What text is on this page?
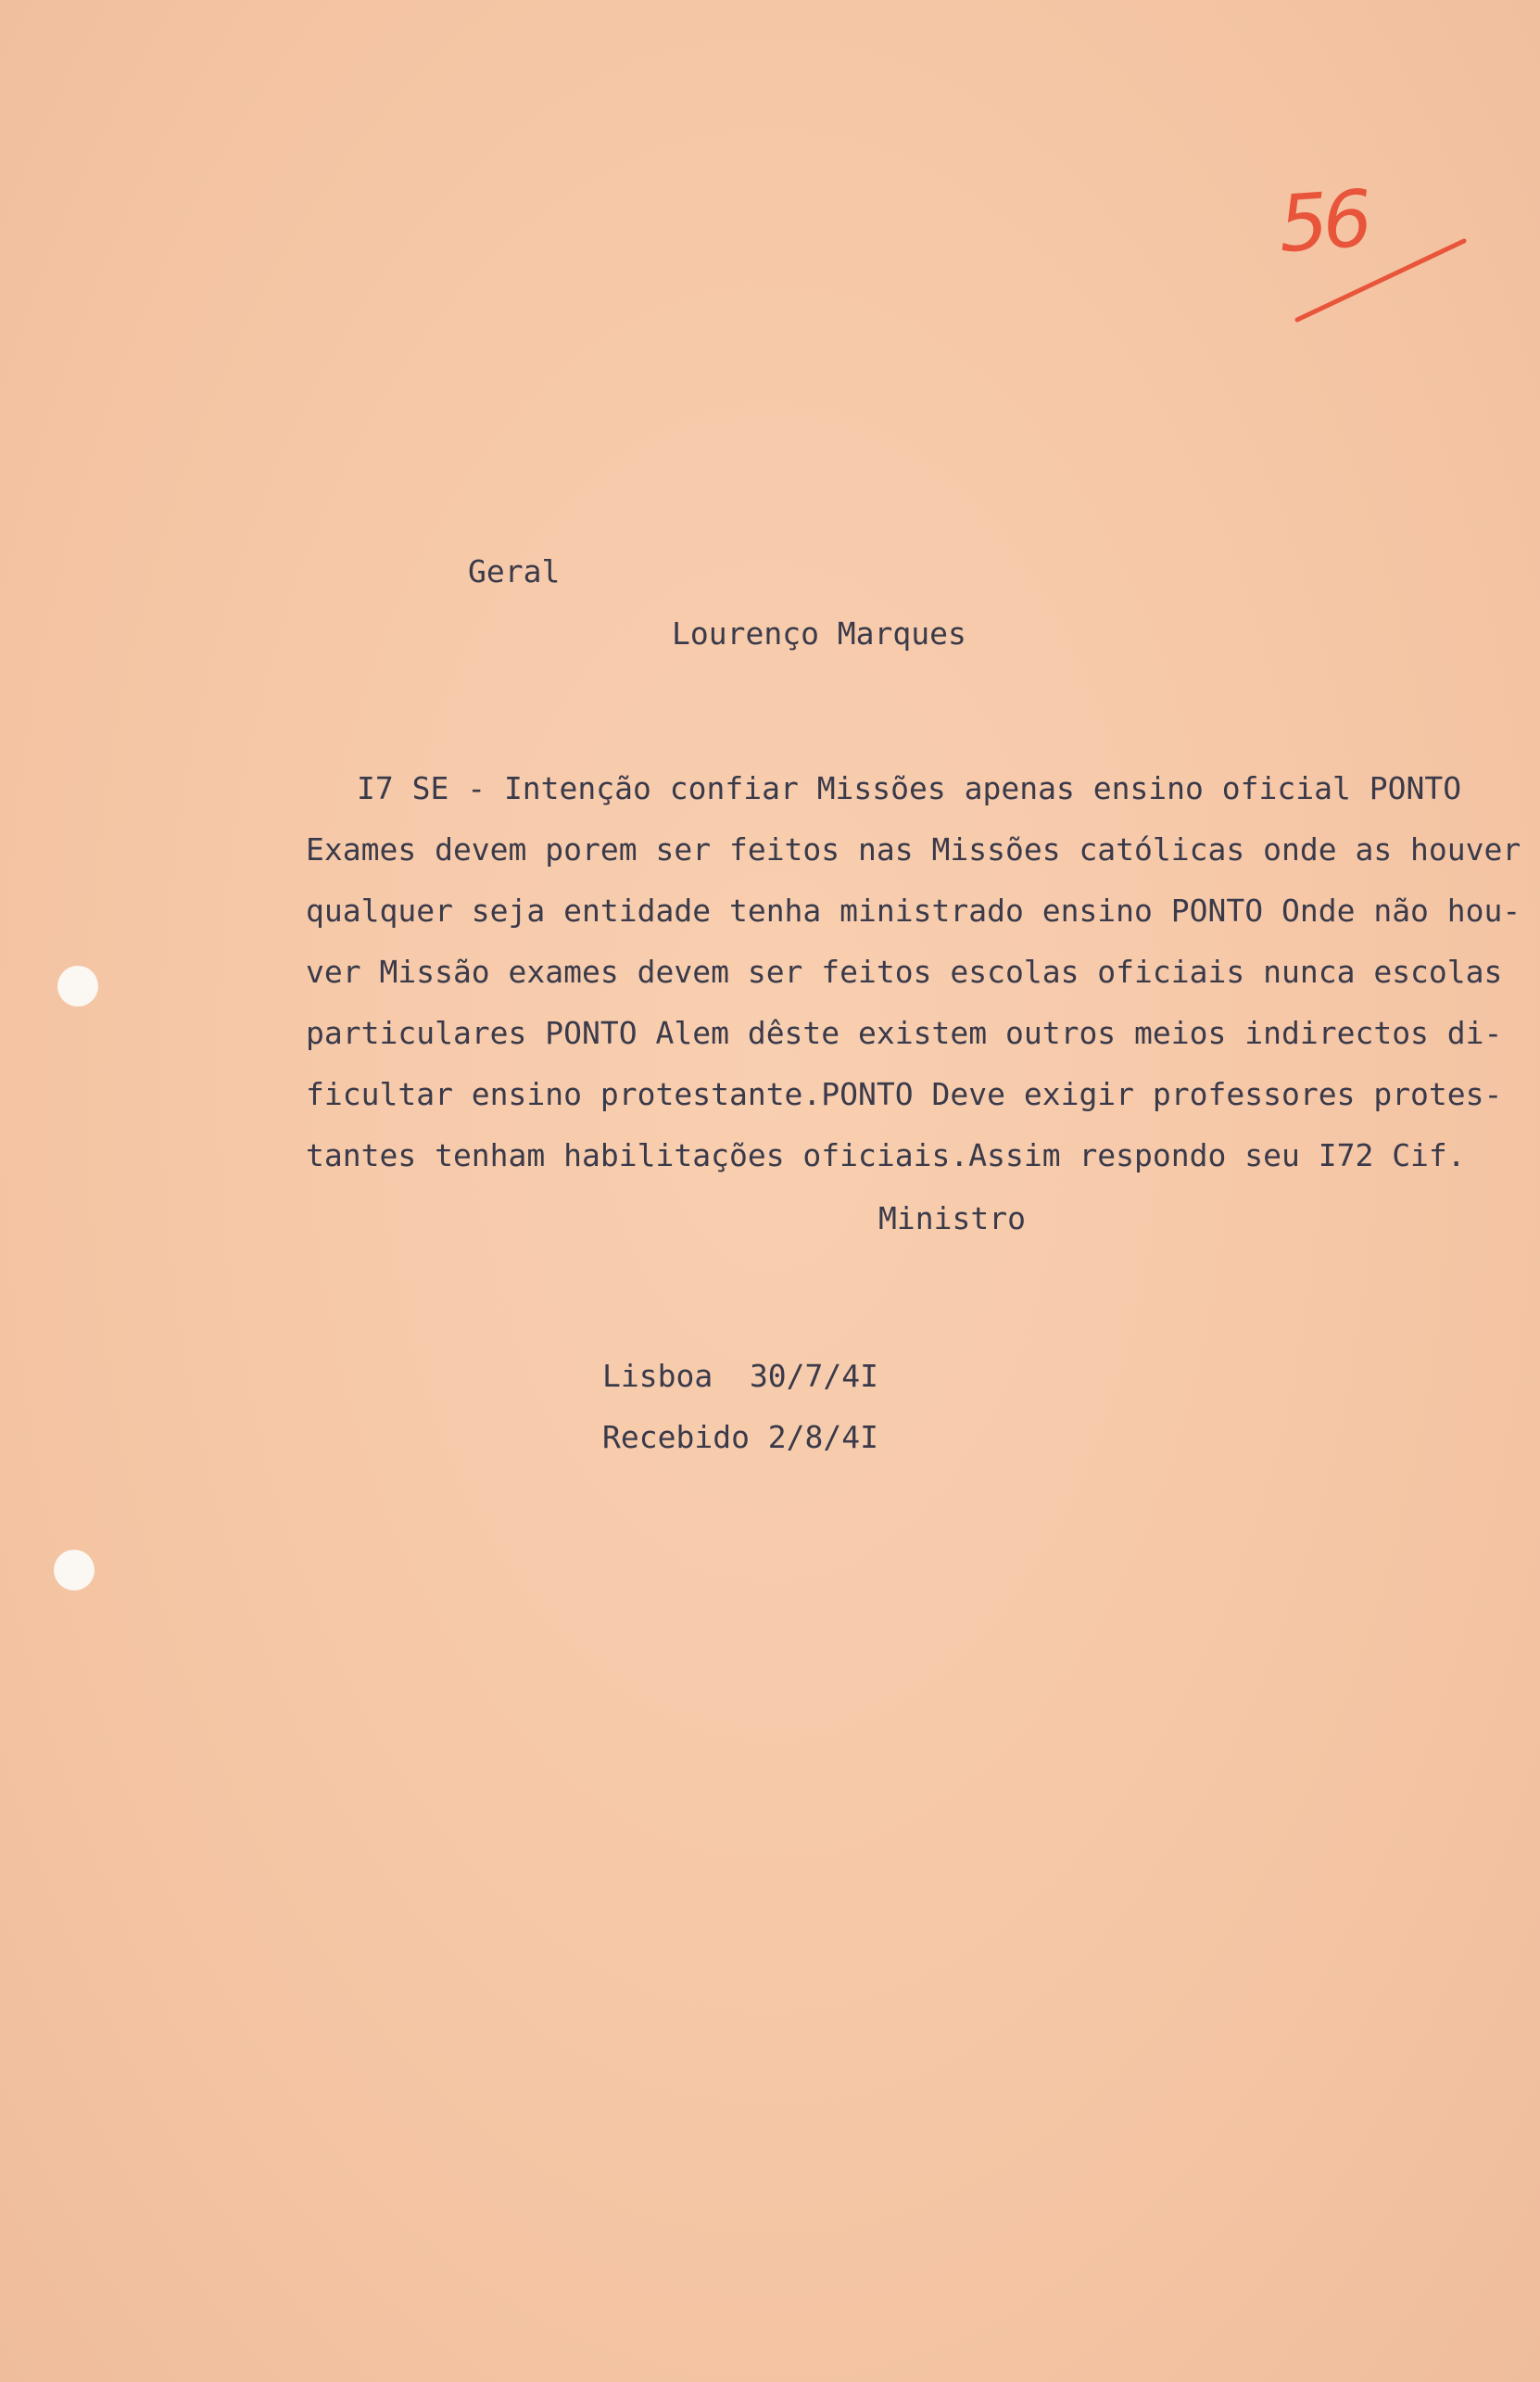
56
Geral
Lourenço Marques
I7 SE - Intenção confiar Missões apenas ensino oficial PONTO
Exames devem porem ser feitos nas Missões católicas onde as houver
qualquer seja entidade tenha ministrado ensino PONTO Onde não hou-
ver Missão exames devem ser feitos escolas oficiais nunca escolas
particulares PONTO Alem dêste existem outros meios indirectos di-
ficultar ensino protestante.PONTO Deve exigir professores protes-
tantes tenham habilitações oficiais.Assim respondo seu I72 Cif.
Ministro
Lisboa  30/7/4I
Recebido 2/8/4I
